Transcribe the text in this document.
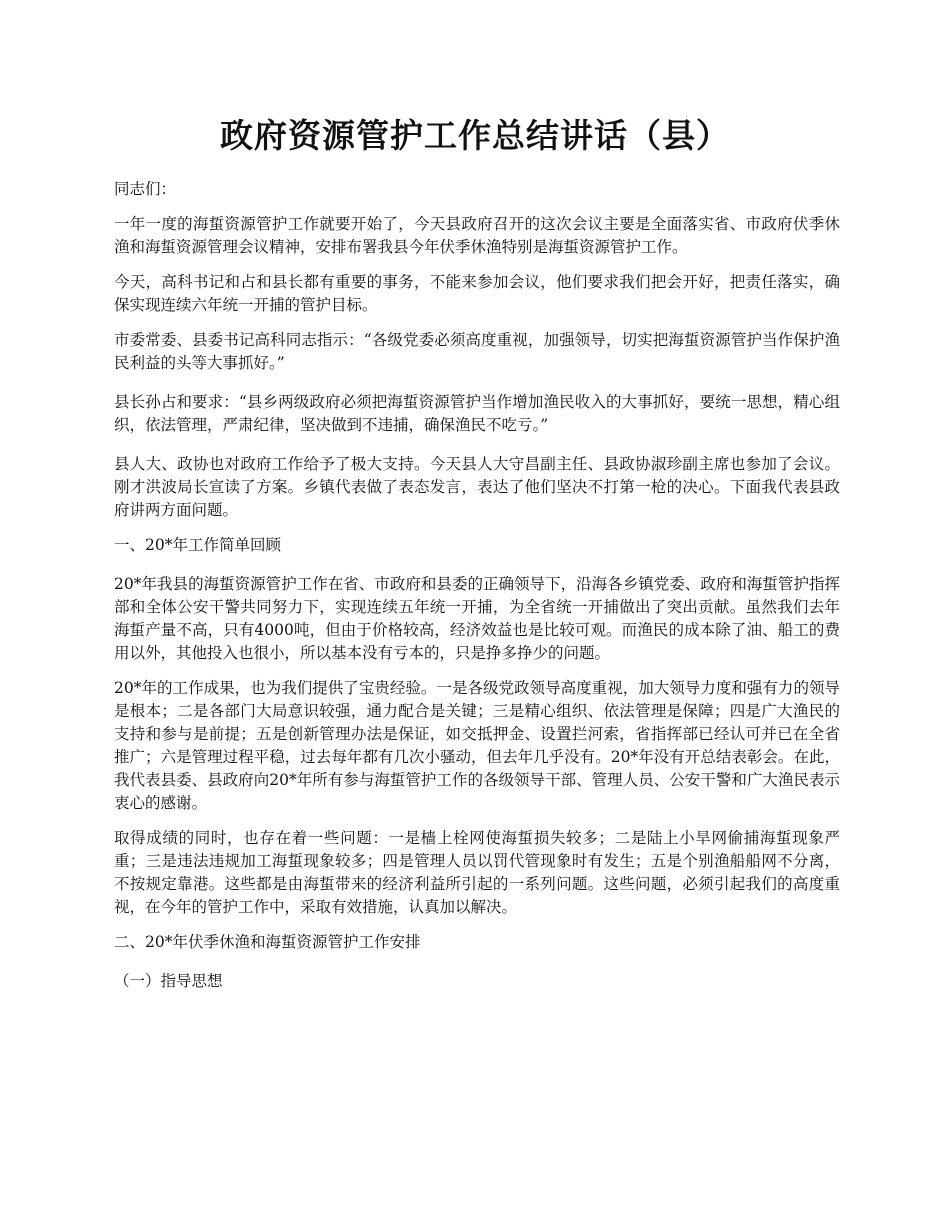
政府资源管护工作总结讲话（县）

同志们：

一年一度的海蜇资源管护工作就要开始了，今天县政府召开的这次会议主要是全面落实省、市政府伏季休渔和海蜇资源管理会议精神，安排布署我县今年伏季休渔特别是海蜇资源管护工作。

今天，高科书记和占和县长都有重要的事务，不能来参加会议，他们要求我们把会开好，把责任落实，确保实现连续六年统一开捕的管护目标。

市委常委、县委书记高科同志指示：“各级党委必须高度重视，加强领导，切实把海蜇资源管护当作保护渔民利益的头等大事抓好。”

县长孙占和要求：“县乡两级政府必须把海蜇资源管护当作增加渔民收入的大事抓好，要统一思想，精心组织，依法管理，严肃纪律，坚决做到不违捕，确保渔民不吃亏。”

县人大、政协也对政府工作给予了极大支持。今天县人大守昌副主任、县政协淑珍副主席也参加了会议。刚才洪波局长宣读了方案。乡镇代表做了表态发言，表达了他们坚决不打第一枪的决心。下面我代表县政府讲两方面问题。

一、20*年工作简单回顾

20*年我县的海蜇资源管护工作在省、市政府和县委的正确领导下，沿海各乡镇党委、政府和海蜇管护指挥部和全体公安干警共同努力下，实现连续五年统一开捕，为全省统一开捕做出了突出贡献。虽然我们去年海蜇产量不高，只有4000吨，但由于价格较高，经济效益也是比较可观。而渔民的成本除了油、船工的费用以外，其他投入也很小，所以基本没有亏本的，只是挣多挣少的问题。

20*年的工作成果，也为我们提供了宝贵经验。一是各级党政领导高度重视，加大领导力度和强有力的领导是根本；二是各部门大局意识较强，通力配合是关键；三是精心组织、依法管理是保障；四是广大渔民的支持和参与是前提；五是创新管理办法是保证，如交抵押金、设置拦河索，省指挥部已经认可并已在全省推广；六是管理过程平稳，过去每年都有几次小骚动，但去年几乎没有。20*年没有开总结表彰会。在此，我代表县委、县政府向20*年所有参与海蜇管护工作的各级领导干部、管理人员、公安干警和广大渔民表示衷心的感谢。

取得成绩的同时，也存在着一些问题：一是樯上栓网使海蜇损失较多；二是陆上小旱网偷捕海蜇现象严重；三是违法违规加工海蜇现象较多；四是管理人员以罚代管现象时有发生；五是个别渔船船网不分离，不按规定靠港。这些都是由海蜇带来的经济利益所引起的一系列问题。这些问题，必须引起我们的高度重视，在今年的管护工作中，采取有效措施，认真加以解决。

二、20*年伏季休渔和海蜇资源管护工作安排

（一）指导思想
